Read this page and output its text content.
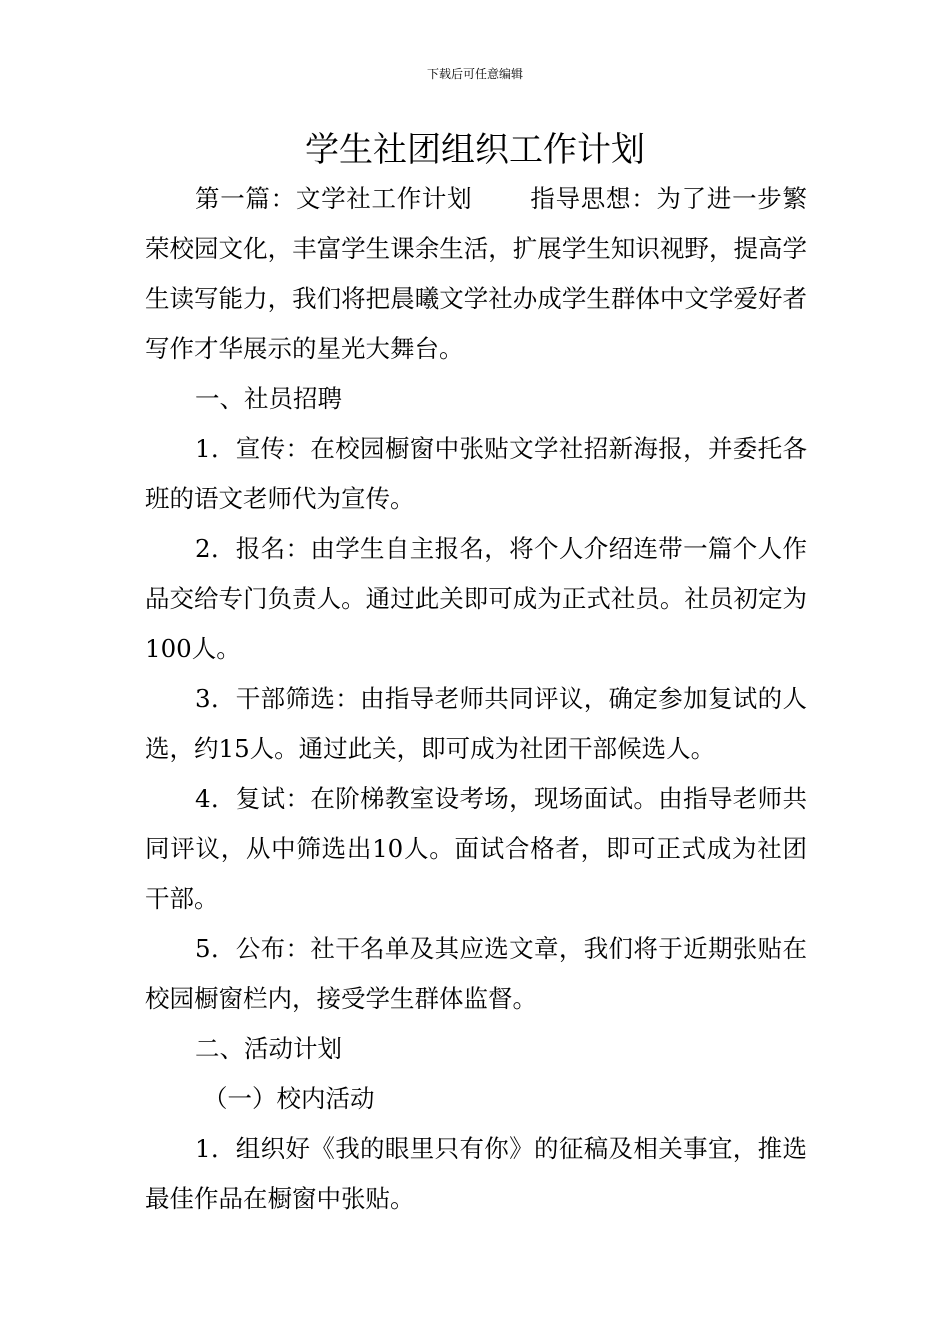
下载后可任意编辑
学生社团组织工作计划

第一篇：文学社工作计划 指导思想：为了进一步繁荣校园文化，丰富学生课余生活，扩展学生知识视野，提高学生读写能力，我们将把晨曦文学社办成学生群体中文学爱好者写作才华展示的星光大舞台。

一、社员招聘

1．宣传：在校园橱窗中张贴文学社招新海报，并委托各班的语文老师代为宣传。

2．报名：由学生自主报名，将个人介绍连带一篇个人作品交给专门负责人。通过此关即可成为正式社员。社员初定为100人。

3．干部筛选：由指导老师共同评议，确定参加复试的人选，约15人。通过此关，即可成为社团干部候选人。

4．复试：在阶梯教室设考场，现场面试。由指导老师共同评议，从中筛选出10人。面试合格者，即可正式成为社团干部。

5．公布：社干名单及其应选文章，我们将于近期张贴在校园橱窗栏内，接受学生群体监督。

二、活动计划

（一）校内活动

1．组织好《我的眼里只有你》的征稿及相关事宜，推选最佳作品在橱窗中张贴。
